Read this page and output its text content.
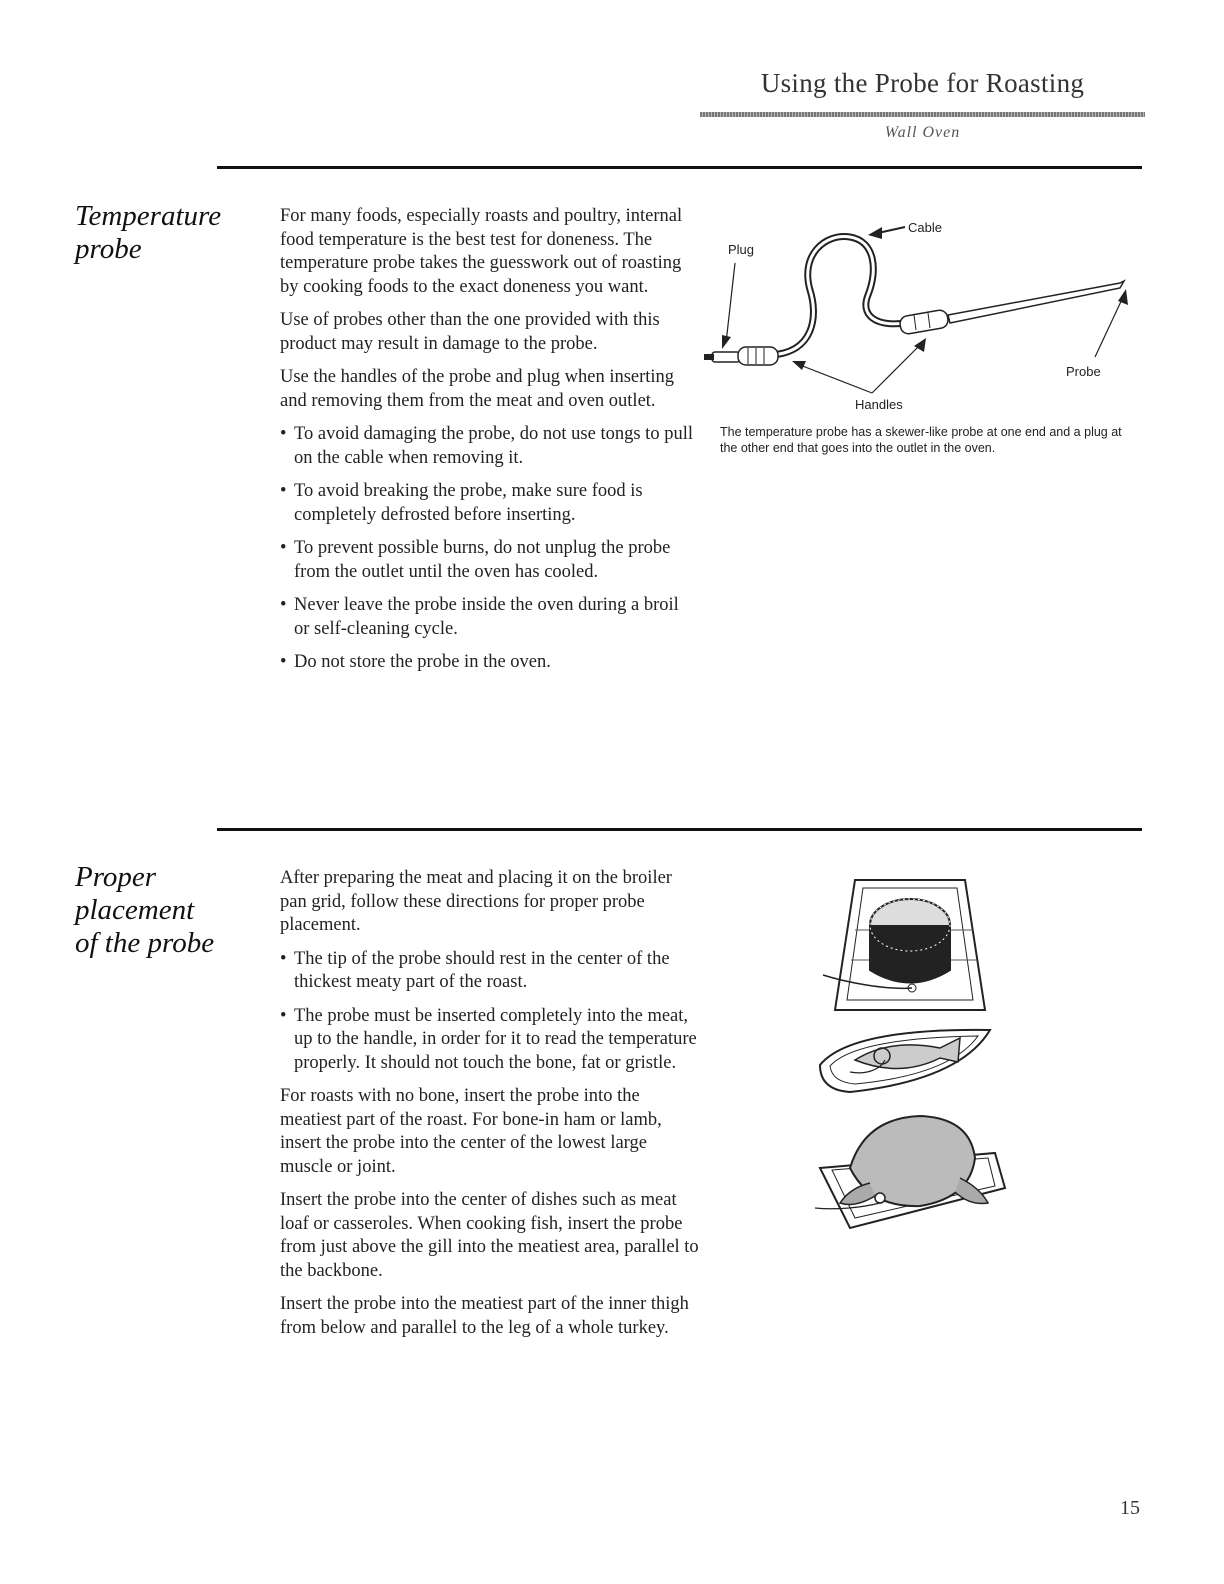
Using the Probe for Roasting
Wall Oven
Temperature
probe

For many foods, especially roasts and poultry, internal food temperature is the best test for doneness. The temperature probe takes the guesswork out of roasting by cooking foods to the exact doneness you want.

Use of probes other than the one provided with this product may result in damage to the probe.

Use the handles of the probe and plug when inserting and removing them from the meat and oven outlet.

• To avoid damaging the probe, do not use tongs to pull on the cable when removing it.
• To avoid breaking the probe, make sure food is completely defrosted before inserting.
• To prevent possible burns, do not unplug the probe from the outlet until the oven has cooled.
• Never leave the probe inside the oven during a broil or self-cleaning cycle.
• Do not store the probe in the oven.
Cable
Plug
Probe
Handles
The temperature probe has a skewer-like probe at one end and a plug at the other end that goes into the outlet in the oven.
Proper
placement
of the probe

After preparing the meat and placing it on the broiler pan grid, follow these directions for proper probe placement.

• The tip of the probe should rest in the center of the thickest meaty part of the roast.
• The probe must be inserted completely into the meat, up to the handle, in order for it to read the temperature properly. It should not touch the bone, fat or gristle.

For roasts with no bone, insert the probe into the meatiest part of the roast. For bone-in ham or lamb, insert the probe into the center of the lowest large muscle or joint.

Insert the probe into the center of dishes such as meat loaf or casseroles. When cooking fish, insert the probe from just above the gill into the meatiest area, parallel to the backbone.

Insert the probe into the meatiest part of the inner thigh from below and parallel to the leg of a whole turkey.

15
